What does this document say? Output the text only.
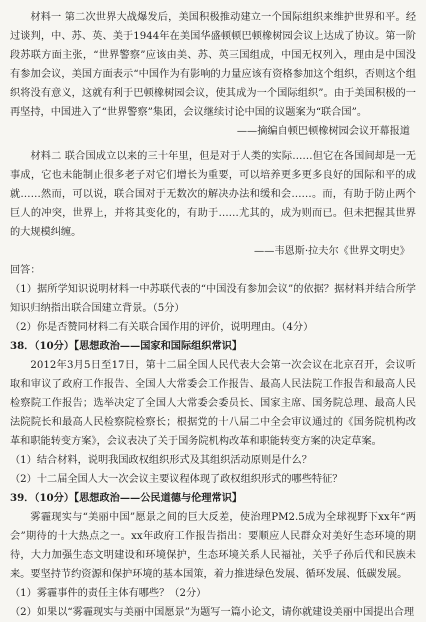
材料一 第二次世界大战爆发后，美国积极推动建立一个国际组织来维护世界和平。经过谈判，中、苏、英、美于1944年在美国华盛顿顿巴顿橡树园会议上达成了协议。第一阶段苏联方面主张，“世界警察”应该由美、苏、英三国组成，中国无权列入，理由是中国没有参加会议，美国方面表示“中国作为有影响的力量应该有资格参加这个组织，否则这个组织将没有意义，这就有利于巴顿橡树园会议，使其成为一个国际组织”。由于美国积极的一再坚持，中国进入了“世界警察”集团，会议继续讨论中国的议题案为“联合国”。

——摘编自顿巴顿橡树园会议开幕报道

材料二 联合国成立以来的三十年里，但是对于人类的实际……但它在各国间却是一无事成，它也未能制止很多老子对它们增长为重要，可以培养更多更多良好的国际和平的成就……然而，可以说，联合国对于无数次的解决办法和缓和会……。而，有助于防止两个巨人的冲突，世界上，并将其变化的，有助于……尤其的，成为则而已。但未把握其世界的大规模纠缠。

——韦恩斯·拉夫尔《世界文明史》

回答：

（1）据所学知识说明材料一中苏联代表的“中国没有参加会议”的依据？据材料并结合所学知识归纳指出联合国建立背景。（5分）

（2）你是否赞同材料二有关联合国作用的评价，说明理由。（4分）

38．（10分）【思想政治——国家和国际组织常识】

2012年3月5日至17日，第十二届全国人民代表大会第一次会议在北京召开，会议听取和审议了政府工作报告、全国人大常委会工作报告、最高人民法院工作报告和最高人民检察院工作报告；选举决定了全国人大常委会委员长、国家主席、国务院总理、最高人民法院院长和最高人民检察院检察长；根据党的十八届二中全会审议通过的《国务院机构改革和职能转变方案》，会议表决了关于国务院机构改革和职能转变方案的决定草案。

（1）结合材料，说明我国政权组织形式及其组织活动原则是什么？

（2）十二届全国人大一次会议主要议程体现了政权组织形式的哪些特征？

39．（10分）【思想政治——公民道德与伦理常识】

雾霾现实与“美丽中国”愿景之间的巨大反差，使治理PM2.5成为全球视野下xx年“两会”期待的十大热点之一。xx年政府工作报告指出：要顺应人民群众对美好生态环境的期待，大力加强生态文明建设和环境保护，生态环境关系人民福祉，关乎子孙后代和民族未来。要坚持节约资源和保护环境的基本国策，着力推进绿色发展、循环发展、低碳发展。

（1）雾霾事件的责任主体有哪些？（2分）

（2）如果以“雾霾现实与美丽中国愿景”为题写一篇小论文，请你就建设美丽中国提出合理
